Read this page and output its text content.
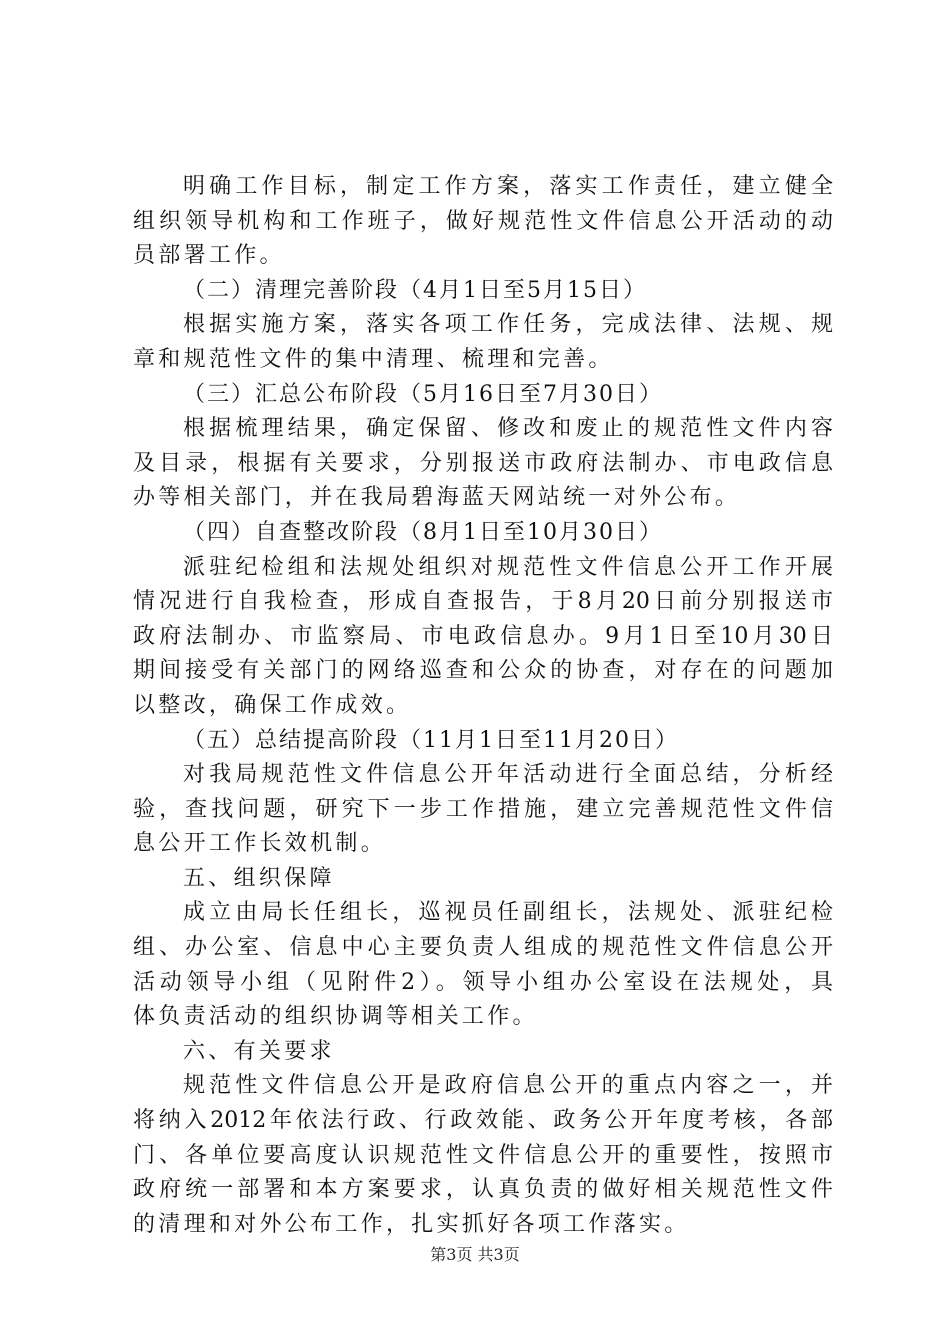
明确工作目标，制定工作方案，落实工作责任，建立健全
组织领导机构和工作班子，做好规范性文件信息公开活动的动
员部署工作。
（二）清理完善阶段（4月1日至5月15日）
根据实施方案，落实各项工作任务，完成法律、法规、规
章和规范性文件的集中清理、梳理和完善。
（三）汇总公布阶段（5月16日至7月30日）
根据梳理结果，确定保留、修改和废止的规范性文件内容
及目录，根据有关要求，分别报送市政府法制办、市电政信息
办等相关部门，并在我局碧海蓝天网站统一对外公布。
（四）自查整改阶段（8月1日至10月30日）
派驻纪检组和法规处组织对规范性文件信息公开工作开展
情况进行自我检查，形成自查报告，于8月20日前分别报送市
政府法制办、市监察局、市电政信息办。9月1日至10月30日
期间接受有关部门的网络巡查和公众的协查，对存在的问题加
以整改，确保工作成效。
（五）总结提高阶段（11月1日至11月20日）
对我局规范性文件信息公开年活动进行全面总结，分析经
验，查找问题，研究下一步工作措施，建立完善规范性文件信
息公开工作长效机制。
五、组织保障
成立由局长任组长，巡视员任副组长，法规处、派驻纪检
组、办公室、信息中心主要负责人组成的规范性文件信息公开
活动领导小组（见附件2）。领导小组办公室设在法规处，具
体负责活动的组织协调等相关工作。
六、有关要求
规范性文件信息公开是政府信息公开的重点内容之一，并
将纳入2012年依法行政、行政效能、政务公开年度考核，各部
门、各单位要高度认识规范性文件信息公开的重要性，按照市
政府统一部署和本方案要求，认真负责的做好相关规范性文件
的清理和对外公布工作，扎实抓好各项工作落实。
第3页 共3页
